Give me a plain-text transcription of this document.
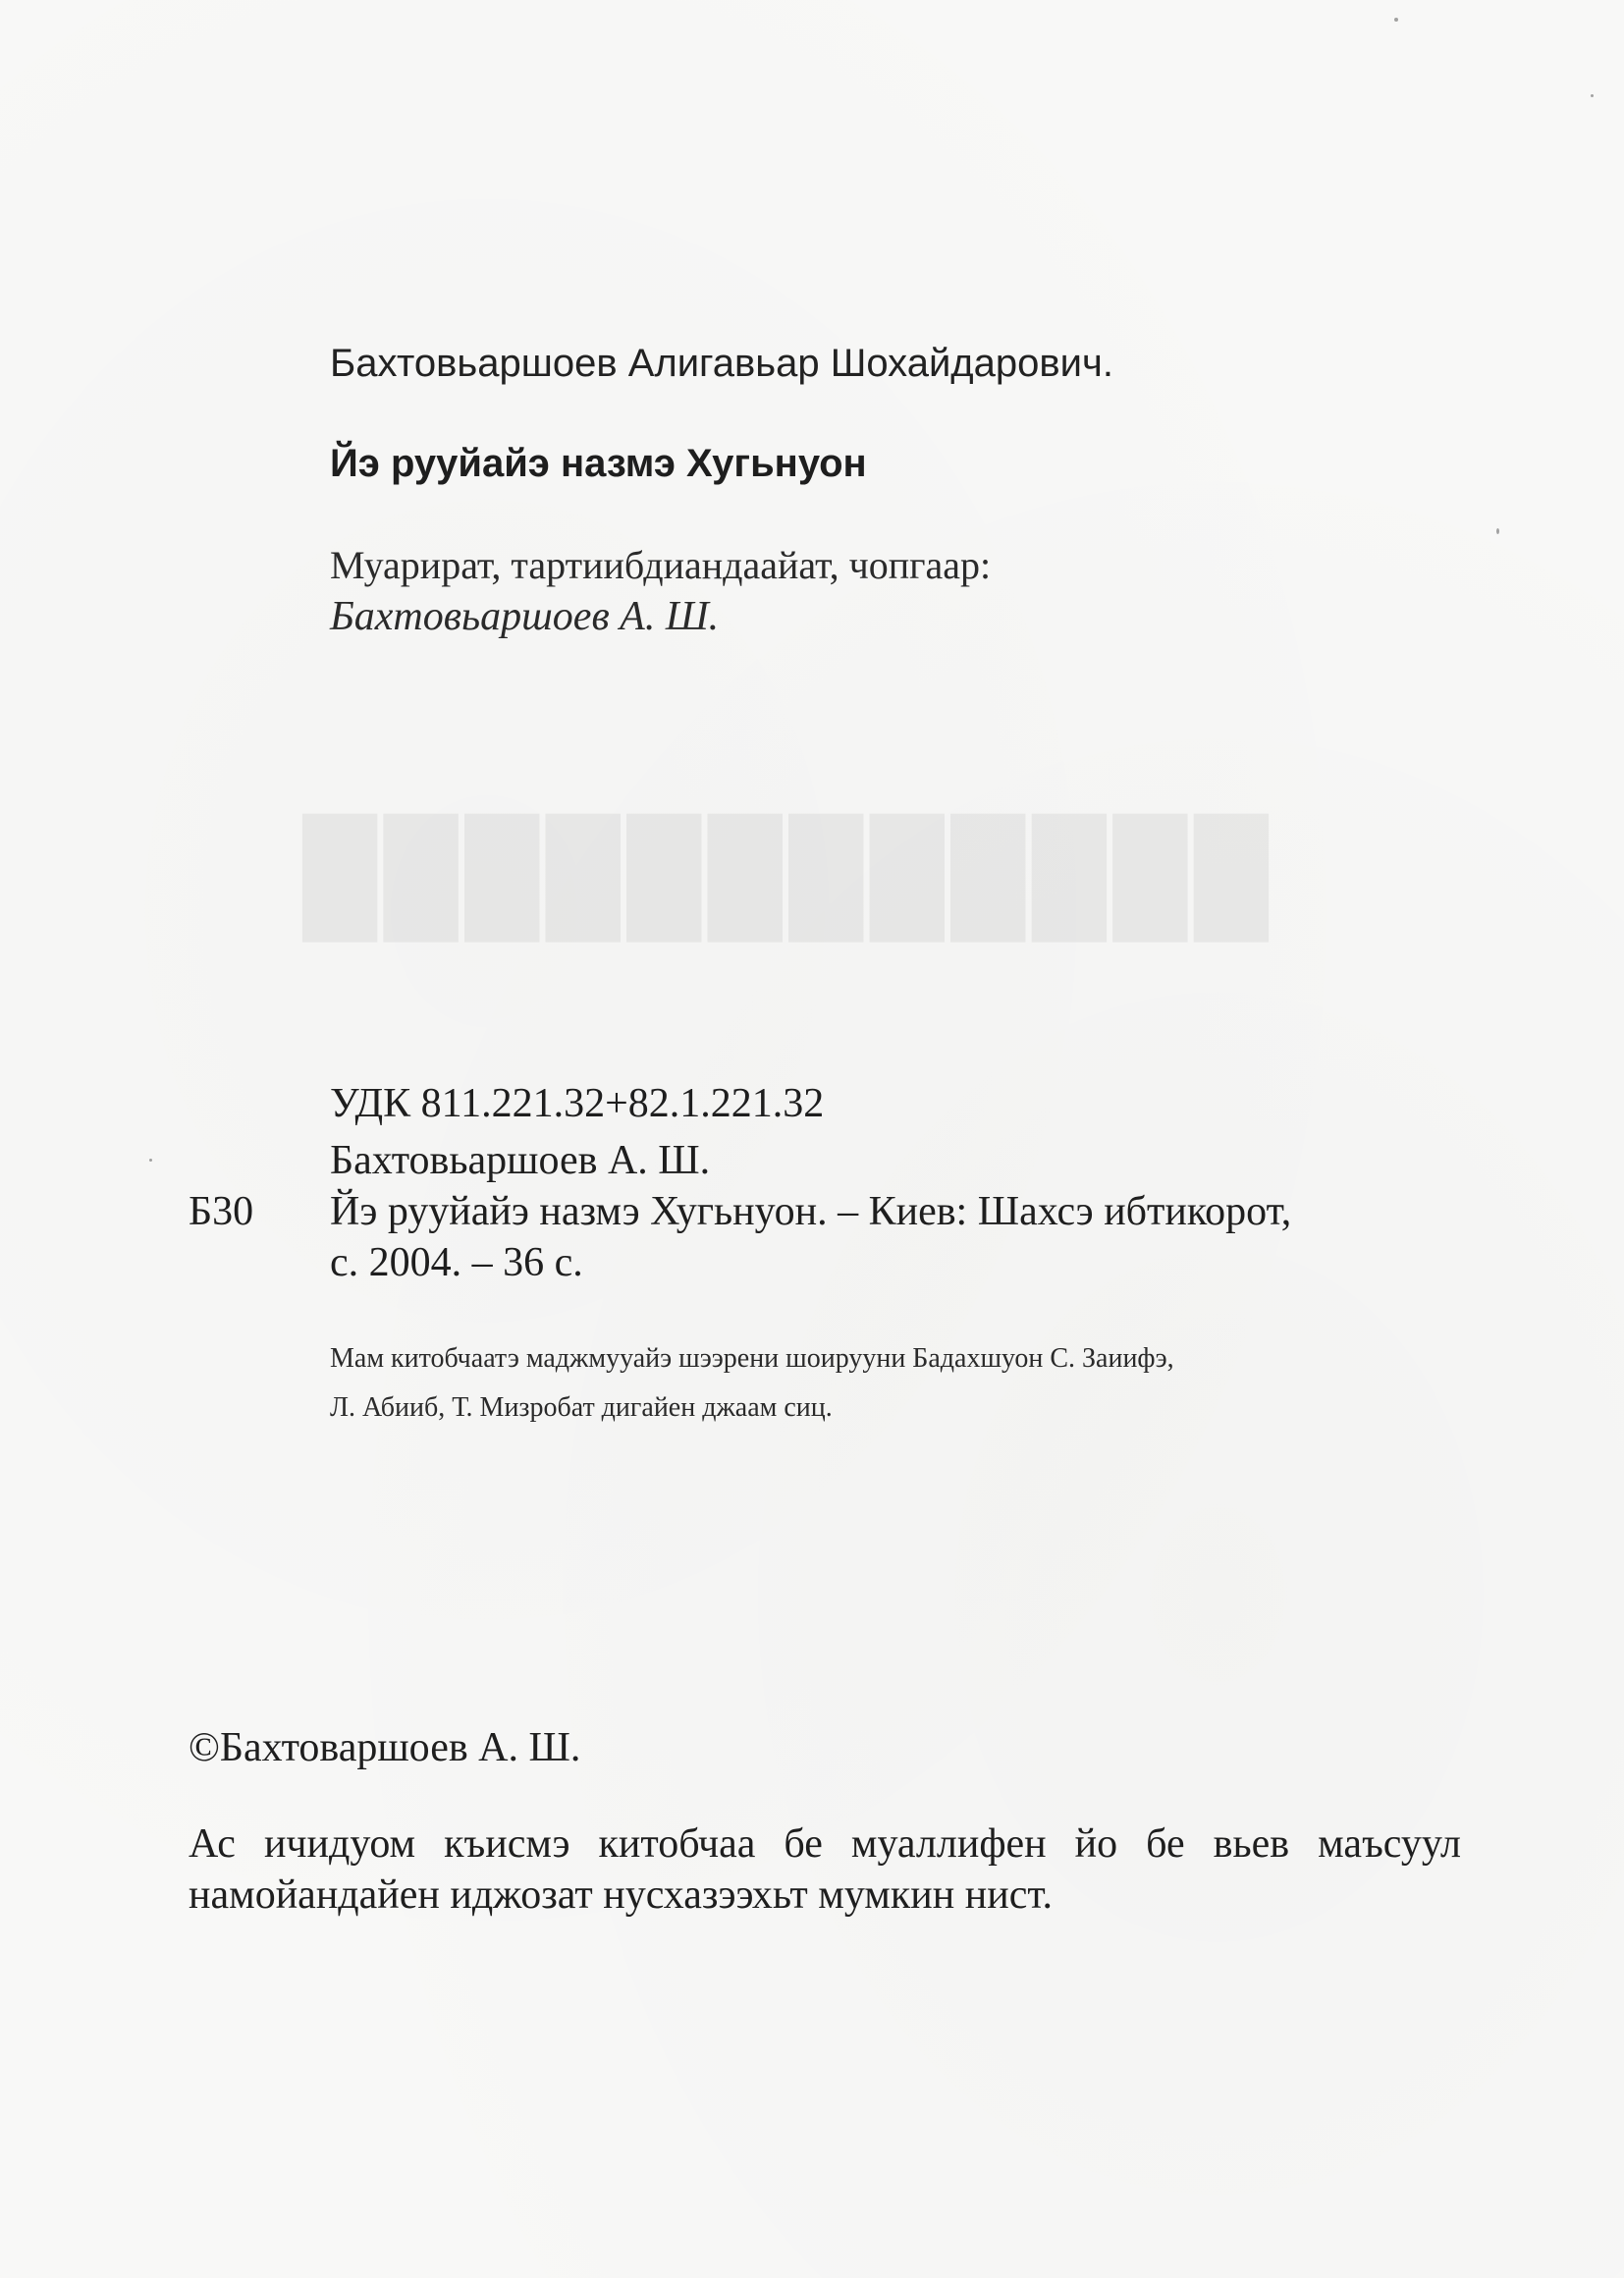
████████████
Бахтовьаршоев Алигавьар Шохайдарович.
Йэ рууйайэ назмэ Хугьнуон
Муарират, тартиибдиандаайат, чопгаар:
Бахтовьаршоев А. Ш.
УДК 811.221.32+82.1.221.32
Бахтовьаршоев А. Ш.
Б30 Йэ рууйайэ назмэ Хугьнуон. – Киев: Шахсэ ибтикорот,
с. 2004. – 36 с.
Мам китобчаатэ маджмууайэ шээрени шоирууни Бадахшуон С. Заиифэ,
Л. Абииб, Т. Мизробат дигайен джаам сиц.
©Бахтоваршоев А. Ш.
Ас ичидуом къисмэ китобчаа бе муаллифен йо бе вьев маъсуул
намойандайен иджозат нусхазээхьт мумкин нист.
